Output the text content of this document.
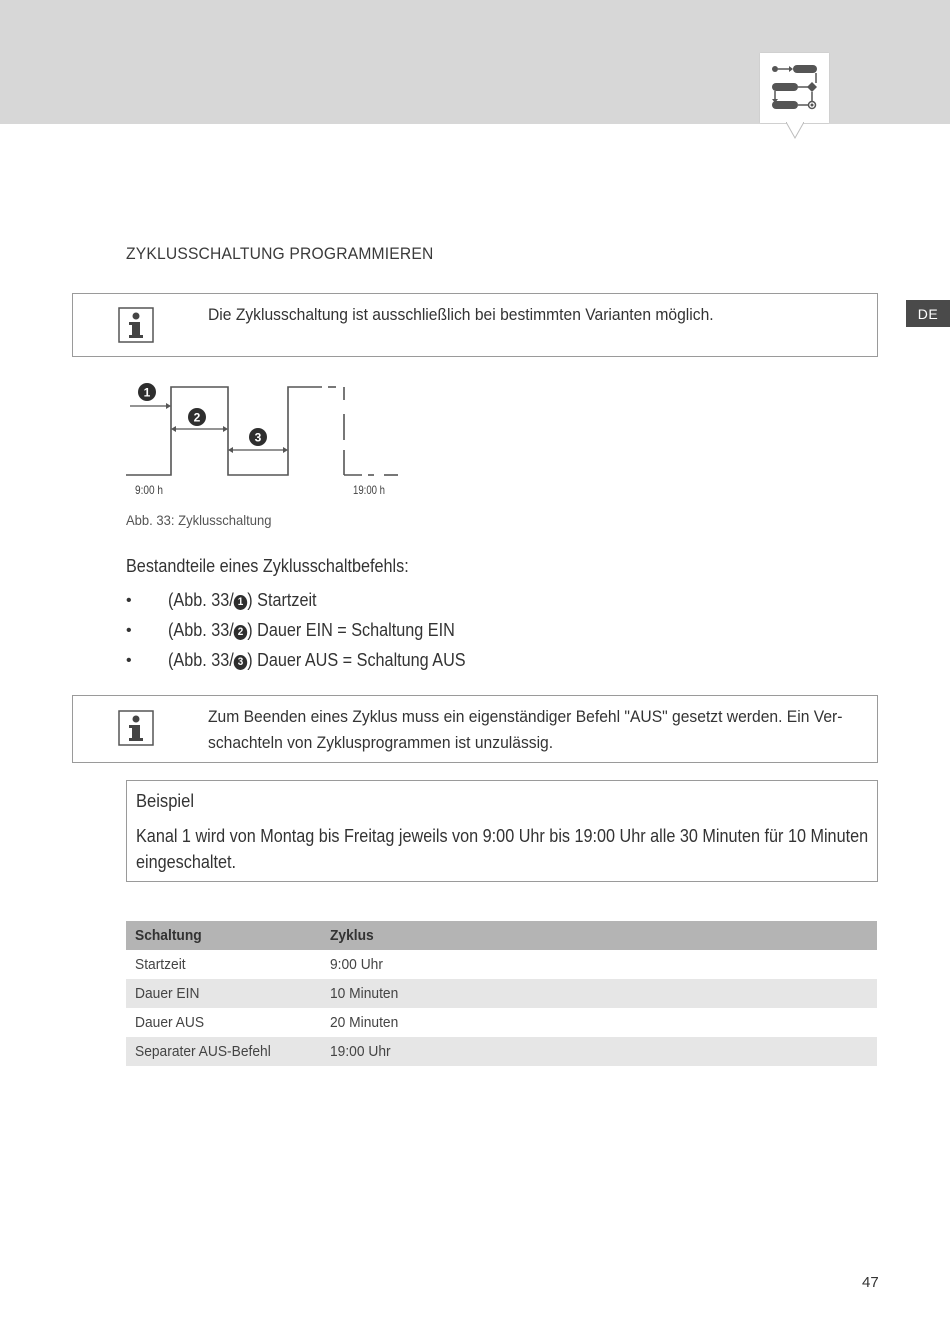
DE
ZYKLUSSCHALTUNG PROGRAMMIEREN
Die Zyklusschaltung ist ausschließlich bei bestimmten Varianten möglich.
1
2
3
9:00 h	19:00 h
Abb. 33: Zyklusschaltung
Bestandteile eines Zyklusschaltbefehls:
• (Abb. 33/ 1 ) Startzeit
• (Abb. 33/ 2 ) Dauer EIN = Schaltung EIN
• (Abb. 33/ 3 ) Dauer AUS = Schaltung AUS
Zum Beenden eines Zyklus muss ein eigenständiger Befehl "AUS" gesetzt werden. Ein Ver-
schachteln von Zyklusprogrammen ist unzulässig.
Beispiel
Kanal 1 wird von Montag bis Freitag jeweils von 9:00 Uhr bis 19:00 Uhr alle 30 Minuten für 10 Minuten
eingeschaltet.
Schaltung	Zyklus
Startzeit	9:00 Uhr
Dauer EIN	10 Minuten
Dauer AUS	20 Minuten
Separater AUS-Befehl	19:00 Uhr
47
